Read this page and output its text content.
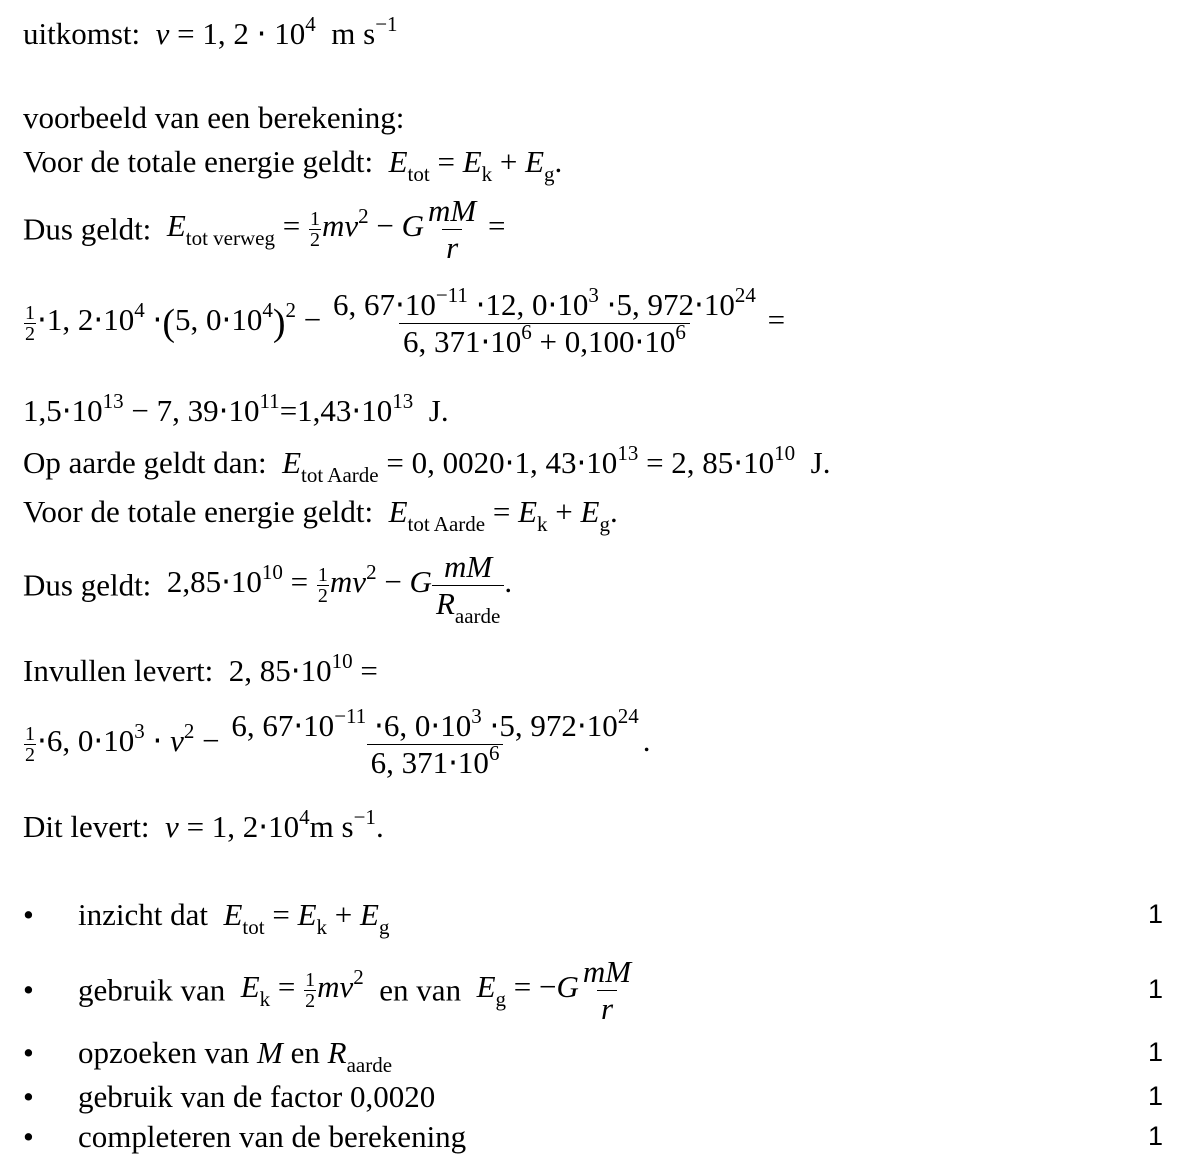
uitkomst: v = 1, $2 \cdot 10^4$  m $s^{-1}$
voorbeeld van een berekening:
Voor de totale energie geldt: $E_{tot} = E_k + E_g$.
Dus geldt: $E_{tot verweg} = \frac{1}{2} mv^2 - G \frac{mM}{r}$ =
$\frac{1}{2} \cdot 1$, $2\cdot 10^4 \cdot(5$, $0\cdot 10^4)^2 - \frac{6, 67\cdot 10^{-11} \cdot 12, 0\cdot 10^3 \cdot 5, 972\cdot 10^{24}}{6, 371\cdot 10^6 + 0,100\cdot 10^6}$ =
$1,5\cdot 10^{13} - 7$, $39\cdot 10^{11}=1,43\cdot 10^{13}$  J.
Op aarde geldt dan: $E_{tot Aarde} = 0$, 0020⋅1, $43\cdot 10^{13} = 2$, $85\cdot 10^{10}$  J.
Voor de totale energie geldt: $E_{tot Aarde} = E_k + E_g$.
Dus geldt:  $2,85\cdot 10^{10} = \frac{1}{2} mv^2 - G \frac{mM}{R_{aarde}}$ .
Invullen levert:  2, $85\cdot 10^{10}$ =
$\frac{1}{2} \cdot 6$, $0\cdot 10^3 \cdot v^2 - \frac{6, 67\cdot 10^{-11} \cdot 6, 0\cdot 10^3 \cdot 5, 972\cdot 10^{24}}{6, 371\cdot 10^6}$ .
Dit levert: v = 1, $2\cdot 10^4m$ $s^{-1}$.
• inzicht dat $E_{tot} = E_k + E_g$	1
• gebruik van $E_k = \frac{1}{2} mv^2$ en van $E_g = -G \frac{mM}{r}$	1
• opzoeken van M en $R_{aarde}$	1
• gebruik van de factor 0,0020	1
• completeren van de berekening	1
